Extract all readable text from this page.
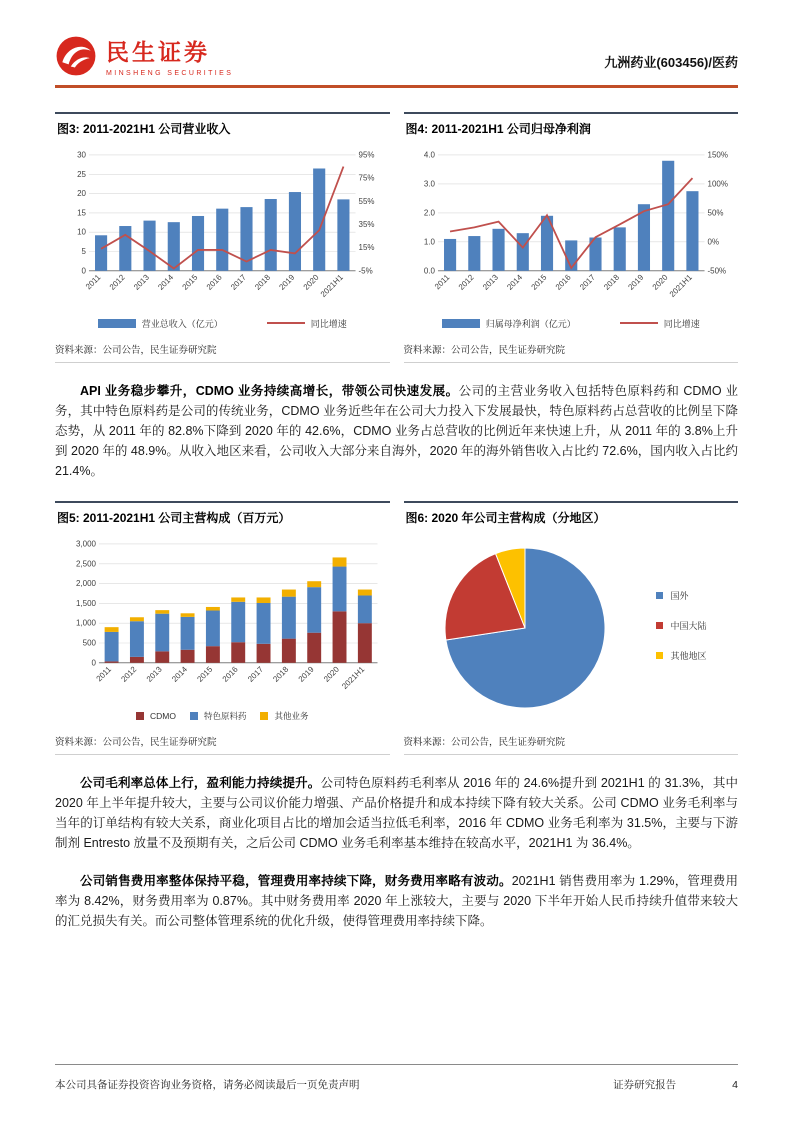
民生证券
MINSHENG SECURITIES
九洲药业(603456)/医药
图3: 2011-2021H1 公司营业收入
0
5
10
15
20
25
30
-5%
15%
35%
55%
75%
95%
2011 2012 2013 2014 2015 2016 2017 2018 2019 2020
2021H1
营业总收入（亿元）	同比增速
资料来源：公司公告，民生证券研究院
图4: 2011-2021H1 公司归母净利润
0.0
1.0
2.0
3.0
4.0
-50%
0%
50%
100%
150%
2011 2012 2013 2014 2015 2016 2017 2018 2019 2020
2021H1
归属母净利润（亿元）	同比增速
资料来源：公司公告，民生证券研究院

API 业务稳步攀升，CDMO 业务持续高增长，带领公司快速发展。公司的主营业务收入包括特色原料药和 CDMO 业务，其中特色原料药是公司的传统业务，CDMO 业务近些年在公司大力投入下发展最快，特色原料药占总营收的比例呈下降态势，从 2011 年的 82.8%下降到 2020 年的 42.6%，CDMO 业务占总营收的比例近年来快速上升，从 2011 年的 3.8%上升到 2020 年的 48.9%。从收入地区来看，公司收入大部分来自海外，2020 年的海外销售收入占比约 72.6%，国内收入占比约 21.4%。

图5: 2011-2021H1 公司主营构成（百万元）
0
500
1,000
1,500
2,000
2,500
3,000
2011 2012 2013 2014 2015 2016 2017 2018 2019 2020 2021H1
CDMO	特色原料药	其他业务
资料来源：公司公告，民生证券研究院
图6: 2020 年公司主营构成（分地区）
国外
中国大陆
其他地区
资料来源：公司公告，民生证券研究院

公司毛利率总体上行，盈利能力持续提升。公司特色原料药毛利率从 2016 年的 24.6%提升到 2021H1 的 31.3%，其中 2020 年上半年提升较大，主要与公司议价能力增强、产品价格提升和成本持续下降有较大关系。公司 CDMO 业务毛利率与当年的订单结构有较大关系，商业化项目占比的增加会适当拉低毛利率，2016 年 CDMO 业务毛利率为 31.5%，主要与下游制剂 Entresto 放量不及预期有关，之后公司 CDMO 业务毛利率基本维持在较高水平，2021H1 为 36.4%。

公司销售费用率整体保持平稳，管理费用率持续下降，财务费用率略有波动。2021H1 销售费用率为 1.29%，管理费用率为 8.42%，财务费用率为 0.87%。其中财务费用率 2020 年上涨较大，主要与 2020 下半年开始人民币持续升值带来较大的汇兑损失有关。而公司整体管理系统的优化升级，使得管理费用率持续下降。

本公司具备证券投资咨询业务资格，请务必阅读最后一页免责声明	证券研究报告	4
